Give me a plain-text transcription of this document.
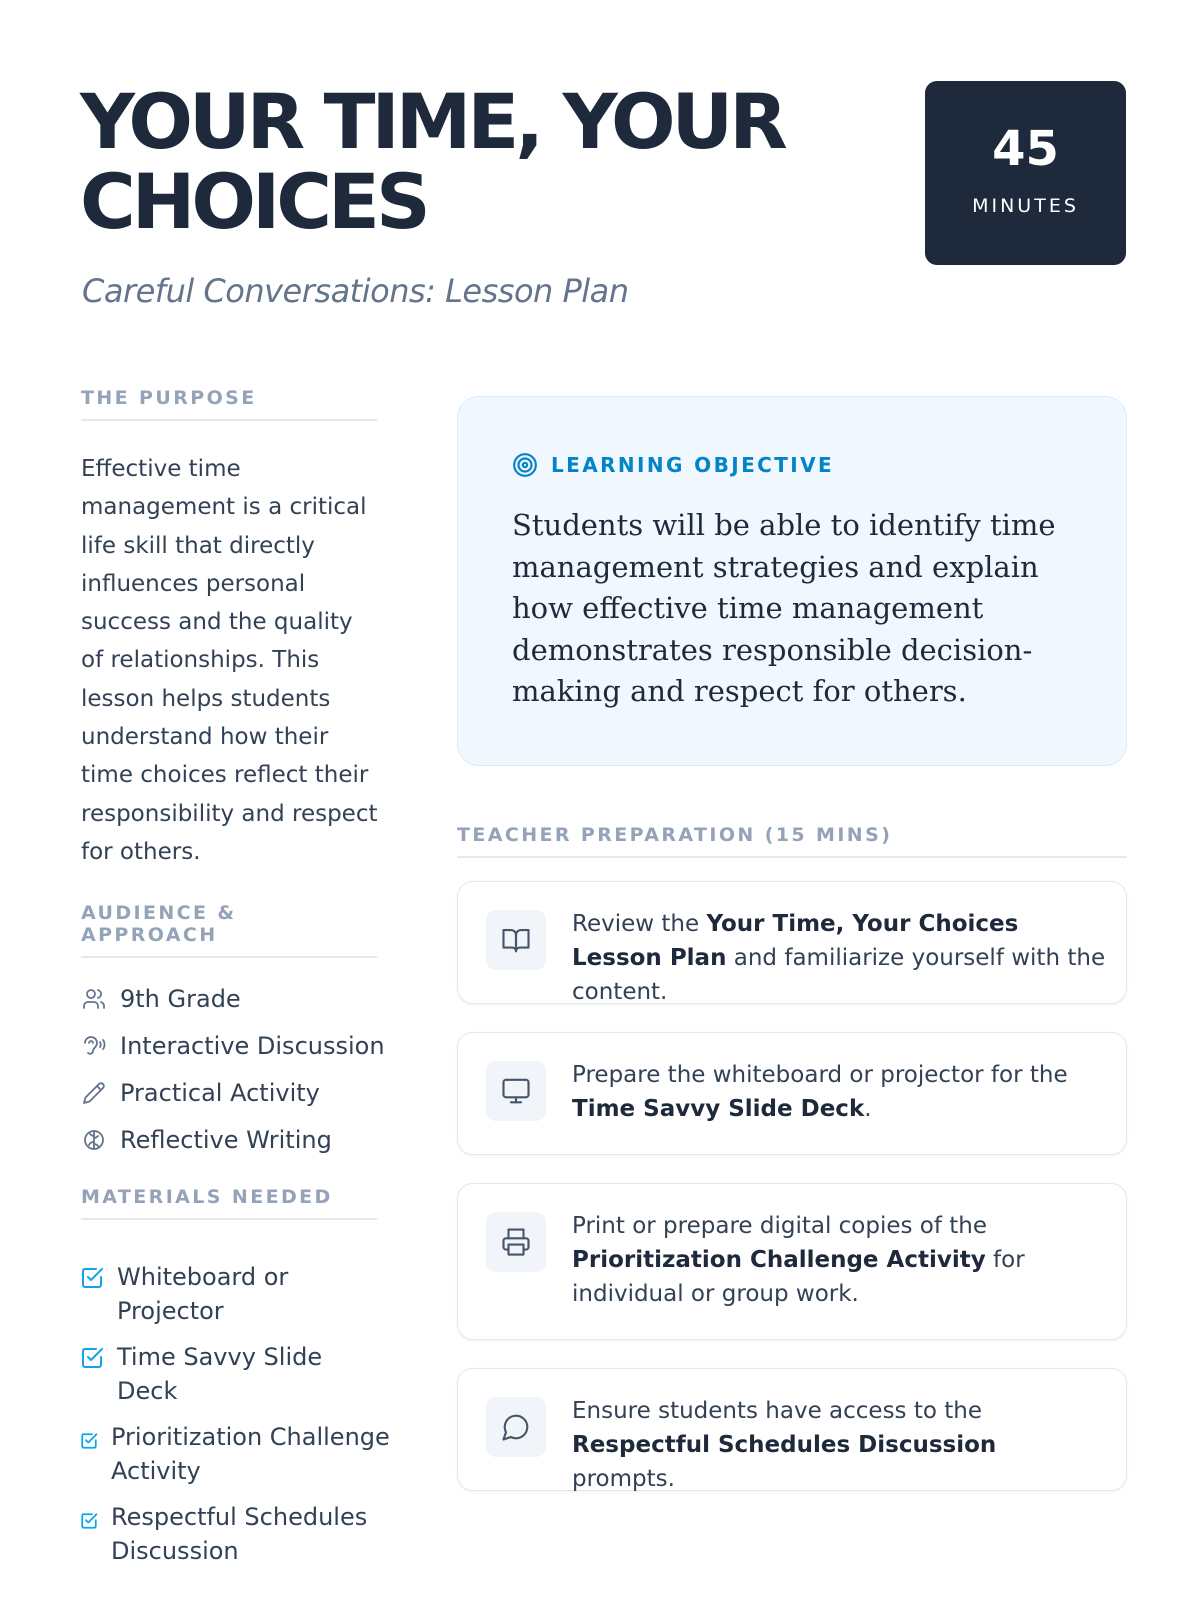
YOUR TIME, YOUR CHOICES
Careful Conversations: Lesson Plan
45
MINUTES
THE PURPOSE

Effective time management is a critical life skill that directly influences personal success and the quality of relationships. This lesson helps students understand how their time choices reflect their responsibility and respect for others.

AUDIENCE & APPROACH
9th Grade
Interactive Discussion
Practical Activity
Reflective Writing
MATERIALS NEEDED
Whiteboard or Projector
Time Savvy Slide Deck
Prioritization Challenge Activity
Respectful Schedules Discussion
LEARNING OBJECTIVE

Students will be able to identify time management strategies and explain how effective time management demonstrates responsible decision-making and respect for others.

TEACHER PREPARATION (15 MINS)

Review the Your Time, Your Choices Lesson Plan and familiarize yourself with the content.

Prepare the whiteboard or projector for the Time Savvy Slide Deck.

Print or prepare digital copies of the Prioritization Challenge Activity for individual or group work.

Ensure students have access to the Respectful Schedules Discussion prompts.
